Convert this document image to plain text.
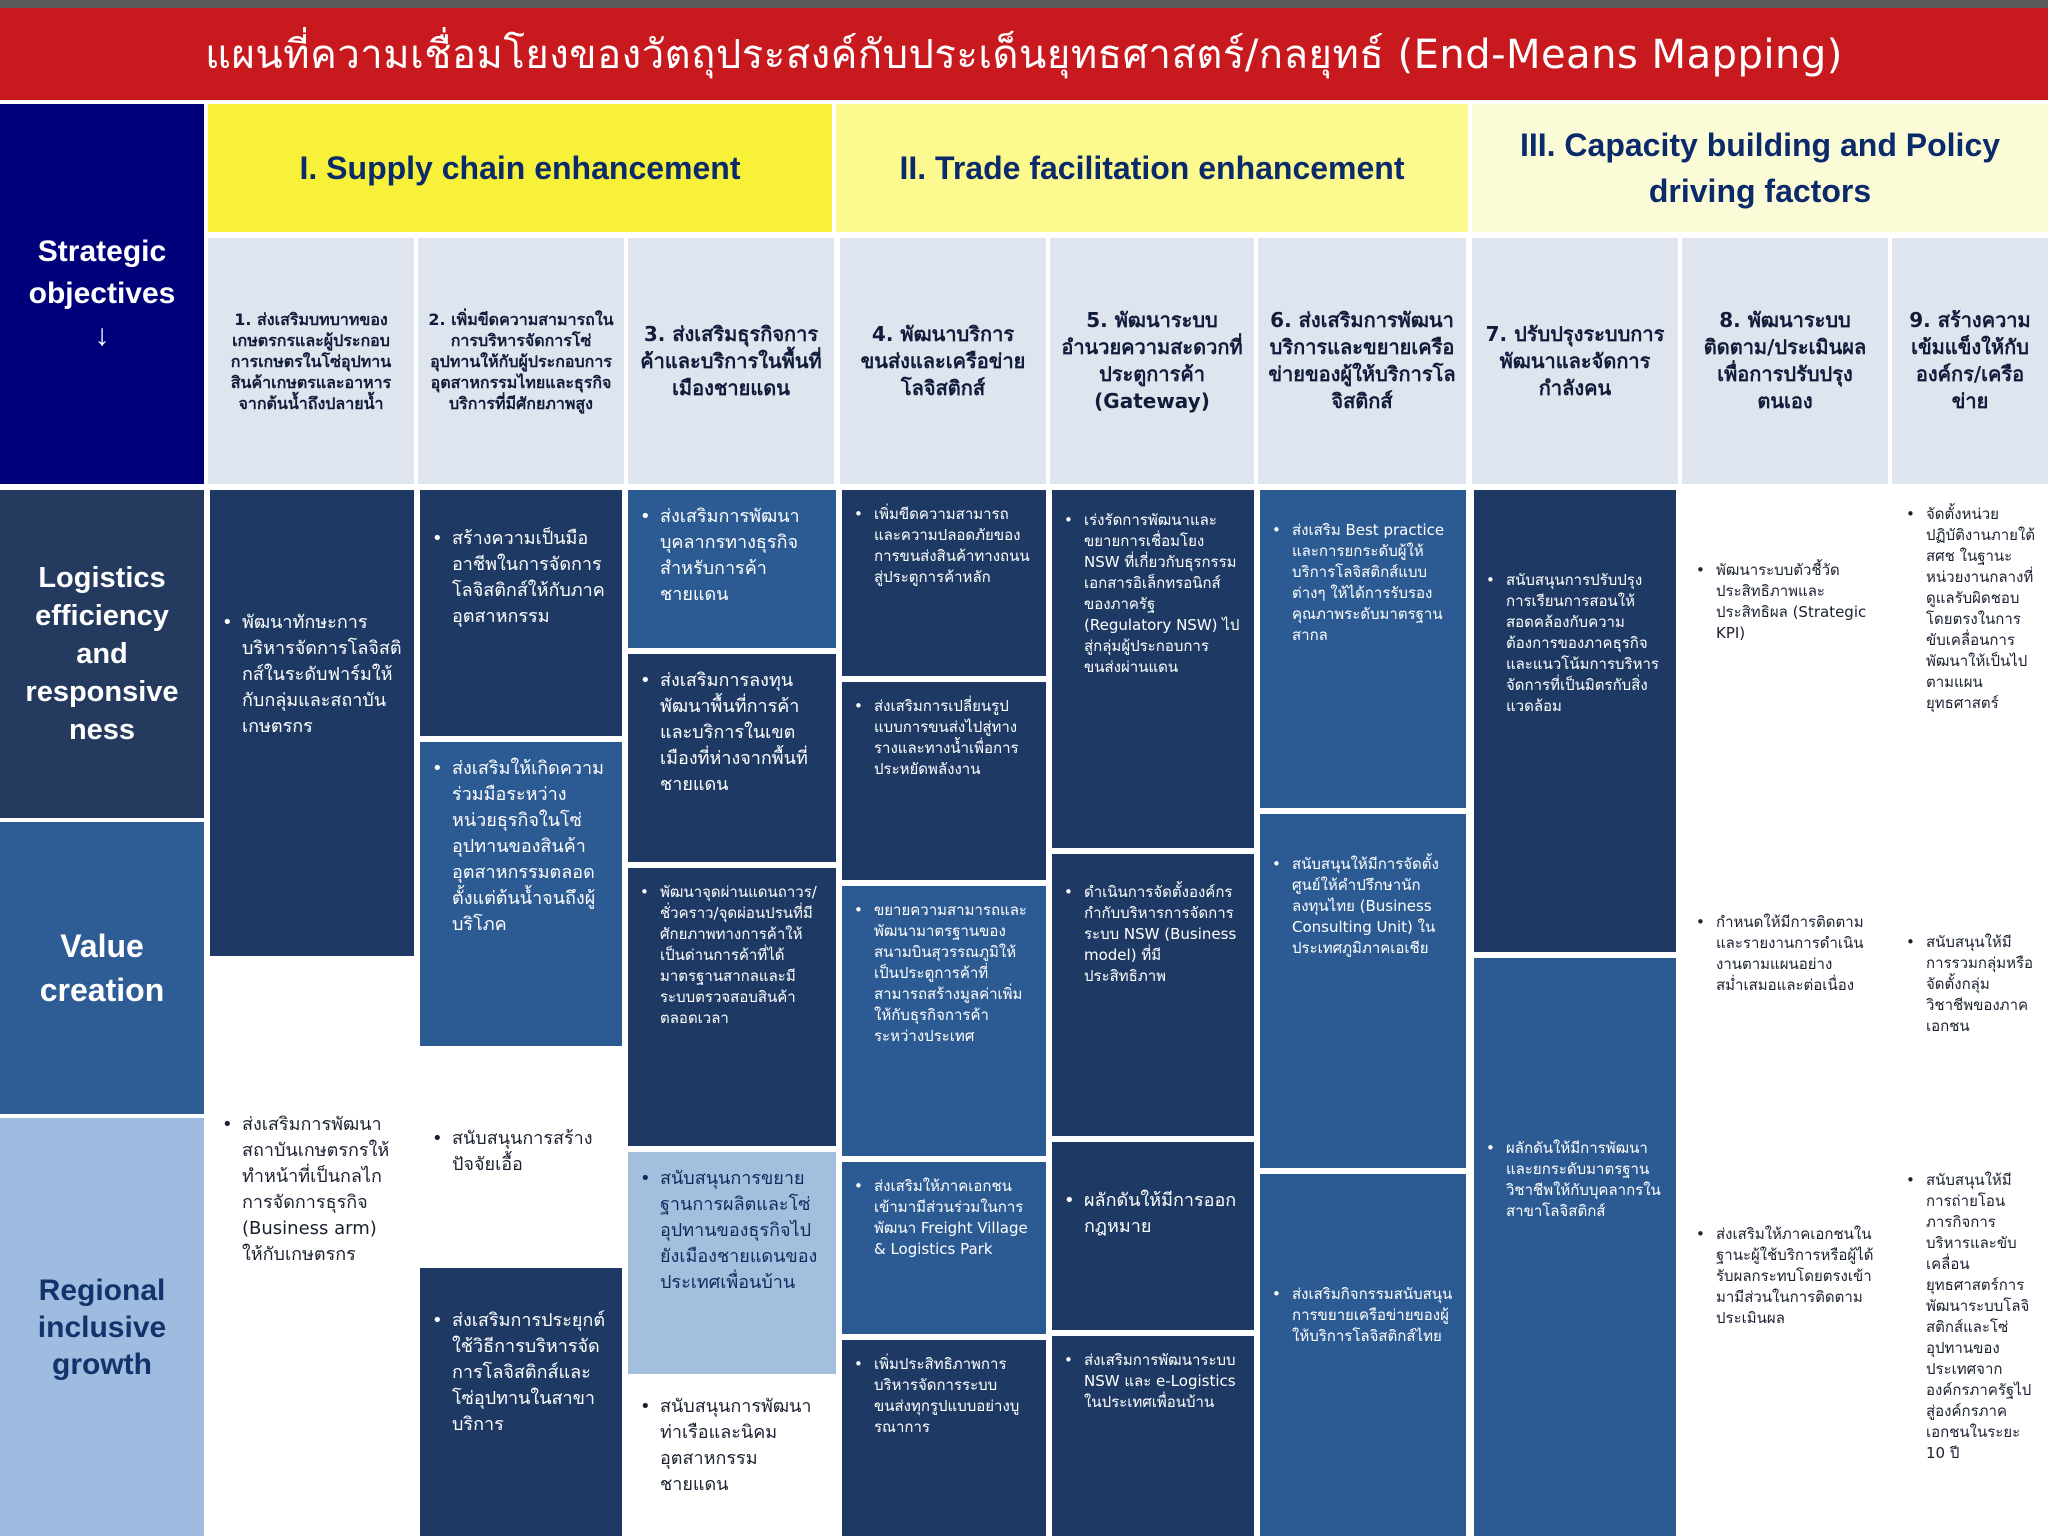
แผนที่ความเชื่อมโยงของวัตถุประสงค์กับประเด็นยุทธศาสตร์/กลยุทธ์ (End-Means Mapping)
Strategic objectives
↓
I. Supply chain enhancement	II. Trade facilitation enhancement
III. Capacity building and Policy driving factors
1. ส่งเสริมบทบาทของเกษตรกรและผู้ประกอบการเกษตรในโซ่อุปทานสินค้าเกษตรและอาหารจากต้นน้ำถึงปลายน้ำ
2. เพิ่มขีดความสามารถในการบริหารจัดการโซ่อุปทานให้กับผู้ประกอบการอุตสาหกรรมไทยและธุรกิจบริการที่มีศักยภาพสูง
3. ส่งเสริมธุรกิจการค้าและบริการในพื้นที่เมืองชายแดน
4. พัฒนาบริการขนส่งและเครือข่ายโลจิสติกส์
5. พัฒนาระบบอำนวยความสะดวกที่ประตูการค้า (Gateway)
6. ส่งเสริมการพัฒนาบริการและขยายเครือข่ายของผู้ให้บริการโลจิสติกส์
7. ปรับปรุงระบบการพัฒนาและจัดการกำลังคน
8. พัฒนาระบบติดตาม/ประเมินผลเพื่อการปรับปรุงตนเอง
9. สร้างความเข้มแข็งให้กับองค์กร/เครือข่าย
Logistics efficiency and responsive ness
Value creation
Regional inclusive growth
• พัฒนาทักษะการบริหารจัดการโลจิสติกส์ในระดับฟาร์มให้กับกลุ่มและสถาบันเกษตรกร
• ส่งเสริมการพัฒนาสถาบันเกษตรกรให้ทำหน้าที่เป็นกลไกการจัดการธุรกิจ (Business arm) ให้กับเกษตรกร
• สร้างความเป็นมืออาชีพในการจัดการโลจิสติกส์ให้กับภาคอุตสาหกรรม
• ส่งเสริมให้เกิดความร่วมมือระหว่างหน่วยธุรกิจในโซ่อุปทานของสินค้าอุตสาหกรรมตลอดตั้งแต่ต้นน้ำจนถึงผู้บริโภค
• สนับสนุนการสร้างปัจจัยเอื้อ
• ส่งเสริมการประยุกต์ใช้วิธีการบริหารจัดการโลจิสติกส์และโซ่อุปทานในสาขาบริการ
• ส่งเสริมการพัฒนาบุคลากรทางธุรกิจสำหรับการค้าชายแดน
• ส่งเสริมการลงทุนพัฒนาพื้นที่การค้าและบริการในเขตเมืองที่ห่างจากพื้นที่ชายแดน
• พัฒนาจุดผ่านแดนถาวร/ชั่วคราว/จุดผ่อนปรนที่มีศักยภาพทางการค้าให้เป็นด่านการค้าที่ได้มาตรฐานสากลและมีระบบตรวจสอบสินค้าตลอดเวลา
• สนับสนุนการขยายฐานการผลิตและโซ่อุปทานของธุรกิจไปยังเมืองชายแดนของประเทศเพื่อนบ้าน
• สนับสนุนการพัฒนาท่าเรือและนิคมอุตสาหกรรมชายแดน
• เพิ่มขีดความสามารถและความปลอดภัยของการขนส่งสินค้าทางถนนสู่ประตูการค้าหลัก
• ส่งเสริมการเปลี่ยนรูปแบบการขนส่งไปสู่ทางรางและทางน้ำเพื่อการประหยัดพลังงาน
• ขยายความสามารถและพัฒนามาตรฐานของสนามบินสุวรรณภูมิให้เป็นประตูการค้าที่สามารถสร้างมูลค่าเพิ่มให้กับธุรกิจการค้าระหว่างประเทศ
• ส่งเสริมให้ภาคเอกชนเข้ามามีส่วนร่วมในการพัฒนา Freight Village & Logistics Park
• เพิ่มประสิทธิภาพการบริหารจัดการระบบขนส่งทุกรูปแบบอย่างบูรณาการ
• เร่งรัดการพัฒนาและขยายการเชื่อมโยง NSW ที่เกี่ยวกับธุรกรรมเอกสารอิเล็กทรอนิกส์ของภาครัฐ (Regulatory NSW) ไปสู่กลุ่มผู้ประกอบการขนส่งผ่านแดน
• ดำเนินการจัดตั้งองค์กรกำกับบริหารการจัดการระบบ NSW (Business model) ที่มีประสิทธิภาพ
• ผลักดันให้มีการออกกฎหมาย
• ส่งเสริมการพัฒนาระบบ NSW และ e-Logistics ในประเทศเพื่อนบ้าน
• ส่งเสริม Best practice และการยกระดับผู้ให้บริการโลจิสติกส์แบบต่างๆ ให้ได้การรับรองคุณภาพระดับมาตรฐานสากล
• สนับสนุนให้มีการจัดตั้งศูนย์ให้คำปรึกษานักลงทุนไทย (Business Consulting Unit) ในประเทศภูมิภาคเอเชีย
• ส่งเสริมกิจกรรมสนับสนุนการขยายเครือข่ายของผู้ให้บริการโลจิสติกส์ไทย
• สนับสนุนการปรับปรุงการเรียนการสอนให้สอดคล้องกับความต้องการของภาคธุรกิจ และแนวโน้มการบริหารจัดการที่เป็นมิตรกับสิ่งแวดล้อม
• ผลักดันให้มีการพัฒนาและยกระดับมาตรฐานวิชาชีพให้กับบุคลากรในสาขาโลจิสติกส์
• พัฒนาระบบตัวชี้วัดประสิทธิภาพและประสิทธิผล (Strategic KPI)
• กำหนดให้มีการติดตามและรายงานการดำเนินงานตามแผนอย่างสม่ำเสมอและต่อเนื่อง
• ส่งเสริมให้ภาคเอกชนในฐานะผู้ใช้บริการหรือผู้ได้รับผลกระทบโดยตรงเข้ามามีส่วนในการติดตามประเมินผล
• จัดตั้งหน่วยปฏิบัติงานภายใต้ สศช ในฐานะหน่วยงานกลางที่ดูแลรับผิดชอบโดยตรงในการขับเคลื่อนการพัฒนาให้เป็นไปตามแผนยุทธศาสตร์
• สนับสนุนให้มีการรวมกลุ่มหรือจัดตั้งกลุ่มวิชาชีพของภาคเอกชน
• สนับสนุนให้มีการถ่ายโอนภารกิจการบริหารและขับเคลื่อนยุทธศาสตร์การพัฒนาระบบโลจิสติกส์และโซ่อุปทานของประเทศจากองค์กรภาครัฐไปสู่องค์กรภาคเอกชนในระยะ 10 ปี
